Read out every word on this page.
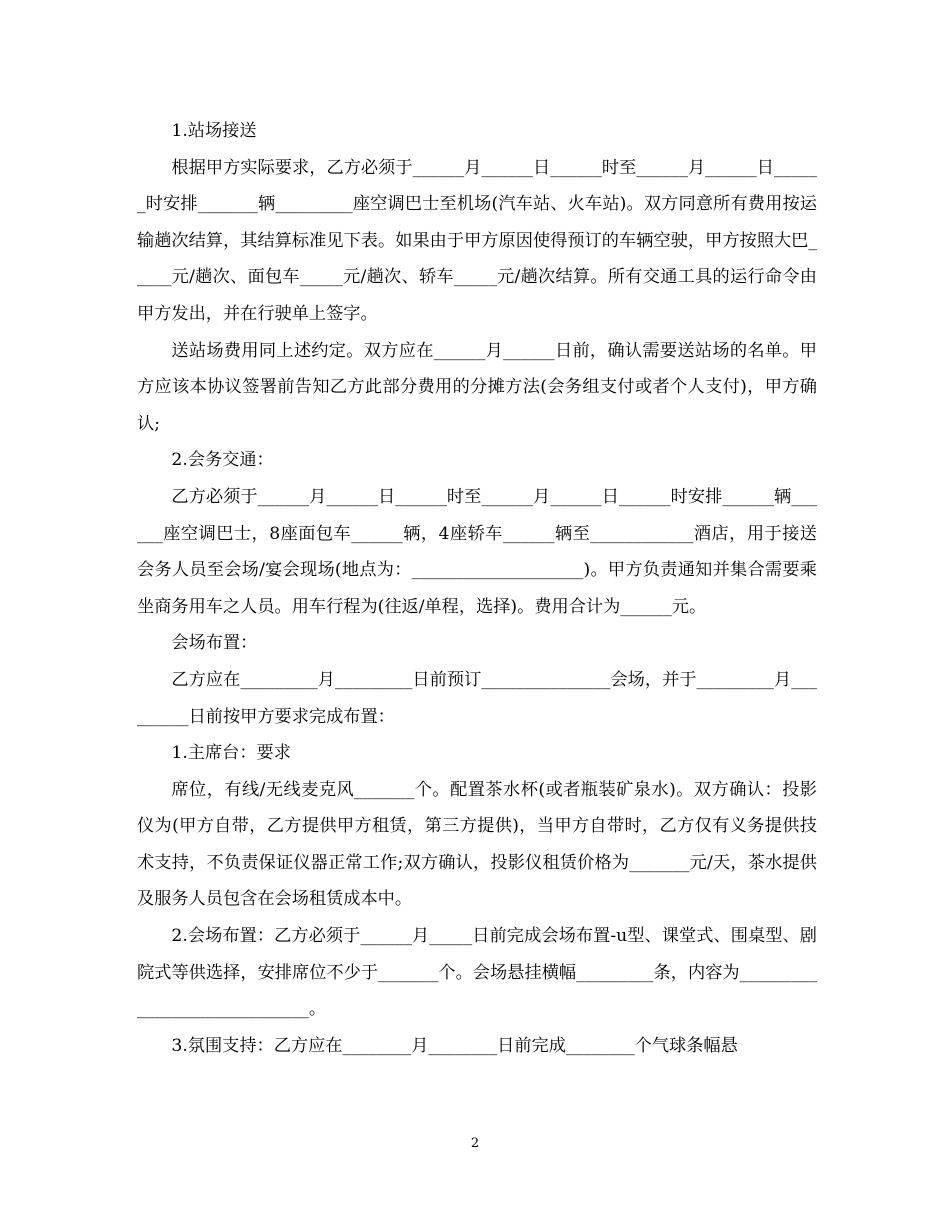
1.站场接送

根据甲方实际要求，乙方必须于______月______日______时至______月______日______时安排_______辆_________座空调巴士至机场(汽车站、火车站)。双方同意所有费用按运输趟次结算，其结算标准见下表。如果由于甲方原因使得预订的车辆空驶，甲方按照大巴_____元/趟次、面包车_____元/趟次、轿车_____元/趟次结算。所有交通工具的运行命令由甲方发出，并在行驶单上签字。

送站场费用同上述约定。双方应在______月______日前，确认需要送站场的名单。甲方应该本协议签署前告知乙方此部分费用的分摊方法(会务组支付或者个人支付)，甲方确认;

2.会务交通：

乙方必须于______月______日______时至______月______日______时安排______辆______座空调巴士，8座面包车______辆，4座轿车______辆至____________酒店，用于接送会务人员至会场/宴会现场(地点为：____________________)。甲方负责通知并集合需要乘坐商务用车之人员。用车行程为(往返/单程，选择)。费用合计为______元。

会场布置：

乙方应在_________月_________日前预订_______________会场，并于_________月_________日前按甲方要求完成布置：

1.主席台：要求

席位，有线/无线麦克风_______个。配置茶水杯(或者瓶装矿泉水)。双方确认：投影仪为(甲方自带，乙方提供甲方租赁，第三方提供)，当甲方自带时，乙方仅有义务提供技术支持，不负责保证仪器正常工作;双方确认，投影仪租赁价格为_______元/天，茶水提供及服务人员包含在会场租赁成本中。

2.会场布置：乙方必须于______月_____日前完成会场布置-u型、课堂式、围桌型、剧院式等供选择，安排席位不少于_______个。会场悬挂横幅_________条，内容为_____________________________。

3.氛围支持：乙方应在________月________日前完成________个气球条幅悬

2
